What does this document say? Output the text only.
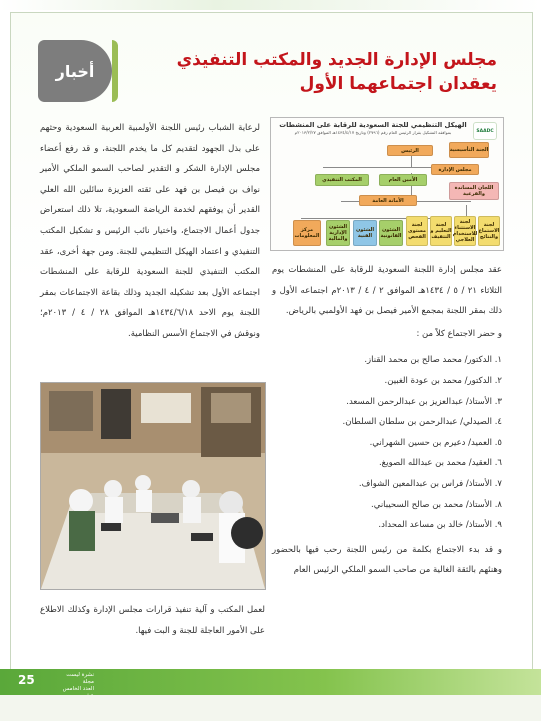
أخبار
مجلس الإدارة الجديد والمكتب التنفيذي
يعقدان اجتماعهما الأول
SAADC
الهيكل التنظيمي للجنة السعودية للرقابة على المنشطات
بموافقة التشكيل بقرار الرئيس العام رقم (٢٧٩٦) وتاريخ ١٤٣٤/٤/١٧هـ الموافق ٢٠١٣/٢/٢٧م
الجنة التأسيسية
الرئيس
مجلس الإدارة
المكتب التنفيذي	الأمين العام
اللجان المساندة والفرعية
الأمانة العامة
لجنة الاستماع والنتائج
لجنة الاستثناء للاستخدام العلاجي
لجنة التعليم و التثقيف
لجنة مستوى الفحص
الشئون الفنية
الشئون الإدارية والمالية
الشئون القانونية
مركز المعلومات

لرعاية الشباب رئيس اللجنة الأولمبية العربية السعودية وحثهم على بذل الجهود لتقديم كل ما يخدم اللجنة، و قد رفع أعضاء مجلس الإدارة الشكر و التقدير لصاحب السمو الملكي الأمير نواف بن فيصل بن فهد على ثقته العزيزة سائلين الله العلي القدير أن يوفقهم لخدمة الرياضة السعودية، تلا ذلك استعراض جدول أعمال الاجتماع، واختيار نائب الرئيس و تشكيل المكتب التنفيذي و اعتماد الهيكل التنظيمي للجنة. ومن جهة أخرى، عقد المكتب التنفيذي للجنة السعودية للرقابة على المنشطات اجتماعه الأول بعد تشكيله الجديد وذلك بقاعة الاجتماعات بمقر اللجنة يوم الاحد ١٤٣٤/٦/١٨هـ الموافق ٢٨ / ٤ / ٢٠١٣م؛ ونوقش في الاجتماع الأسس النظامية.

عقد مجلس إدارة اللجنة السعودية للرقابة على المنشطات يوم الثلاثاء ٢١ / ٥ / ١٤٣٤هـ الموافق ٢ / ٤ / ٢٠١٣م اجتماعه الأول و ذلك بمقر اللجنة بمجمع الأمير فيصل بن فهد الأولمبي بالرياض.

و حضر الاجتماع كلاً من :

١. الدكتور/ محمد صالح بن محمد القناز.
٢. الدكتور/ محمد بن عودة الغبين.
٣. الأستاذ/ عبدالعزيز بن عبدالرحمن المسعد.
٤. الصيدلي/ عبدالرحمن بن سلطان السلطان.
٥. العميد/ دعيرم بن حسين الشهراني.
٦. العقيد/ محمد بن عبدالله الصويغ.
٧. الأستاذ/ فراس بن عبدالمعين الشواف.
٨. الأستاذ/ محمد بن صالح السحيباني.
٩. الأستاذ/ خالد بن مساعد المحداد.

و قد بدء الاجتماع بكلمة من رئيس اللجنة رحب فيها بالحضور وهنئهم بالثقة الغالية من صاحب السمو الملكي الرئيس العام

لعمل المكتب و آلية تنفيذ قرارات مجلس الإدارة وكذلك الاطلاع على الأمور العاجلة للجنة و البت فيها.

25	نشرة ليست مجلة
العدد الخامس
